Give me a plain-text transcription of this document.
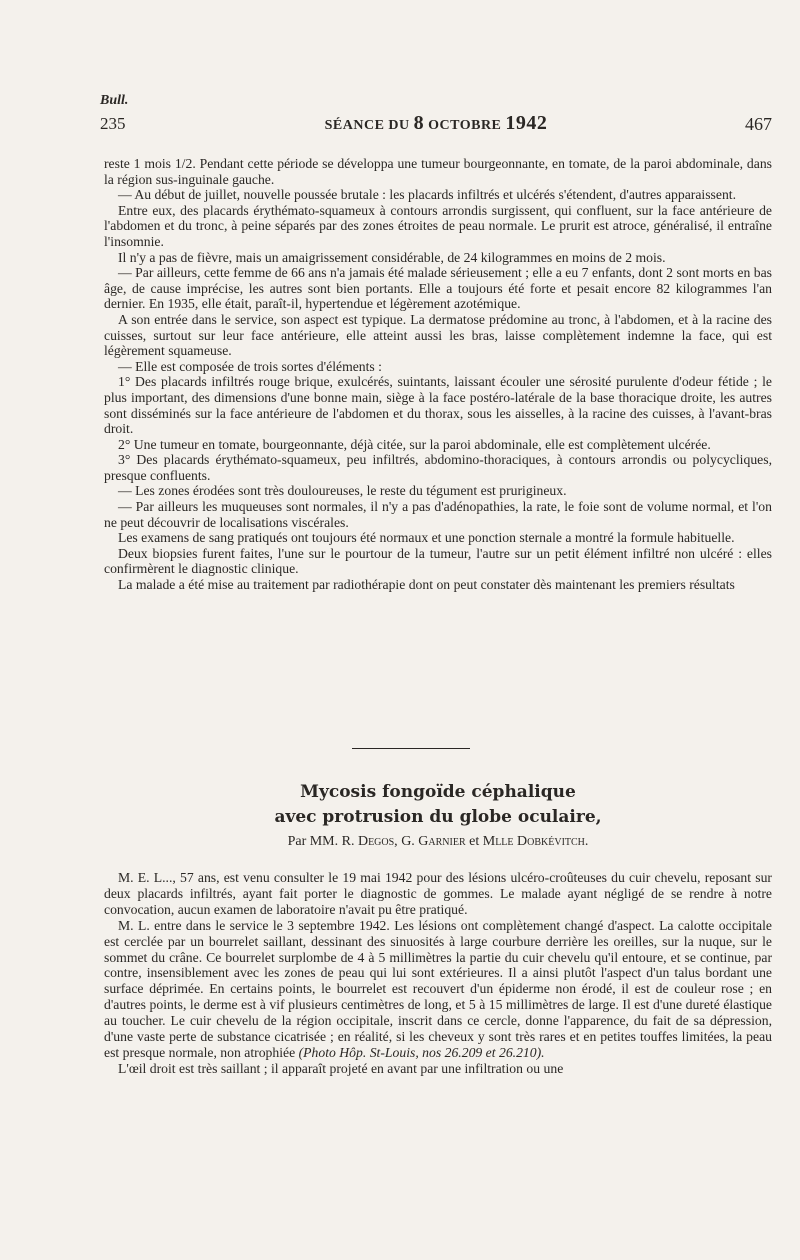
Bull.
235	SÉANCE DU 8 OCTOBRE 1942	467

reste 1 mois 1/2. Pendant cette période se développa une tumeur bourgeonnante, en tomate, de la paroi abdominale, dans la région sus-inguinale gauche.

— Au début de juillet, nouvelle poussée brutale : les placards infiltrés et ulcérés s'étendent, d'autres apparaissent.

Entre eux, des placards érythémato-squameux à contours arrondis surgissent, qui confluent, sur la face antérieure de l'abdomen et du tronc, à peine séparés par des zones étroites de peau normale. Le prurit est atroce, généralisé, il entraîne l'insomnie.

Il n'y a pas de fièvre, mais un amaigrissement considérable, de 24 kilogrammes en moins de 2 mois.

— Par ailleurs, cette femme de 66 ans n'a jamais été malade sérieusement ; elle a eu 7 enfants, dont 2 sont morts en bas âge, de cause imprécise, les autres sont bien portants. Elle a toujours été forte et pesait encore 82 kilogrammes l'an dernier. En 1935, elle était, paraît-il, hypertendue et légèrement azotémique.

A son entrée dans le service, son aspect est typique. La dermatose prédomine au tronc, à l'abdomen, et à la racine des cuisses, surtout sur leur face antérieure, elle atteint aussi les bras, laisse complètement indemne la face, qui est légèrement squameuse.

— Elle est composée de trois sortes d'éléments :

1° Des placards infiltrés rouge brique, exulcérés, suintants, laissant écouler une sérosité purulente d'odeur fétide ; le plus important, des dimensions d'une bonne main, siège à la face postéro-latérale de la base thoracique droite, les autres sont disséminés sur la face antérieure de l'abdomen et du thorax, sous les aisselles, à la racine des cuisses, à l'avant-bras droit.

2° Une tumeur en tomate, bourgeonnante, déjà citée, sur la paroi abdominale, elle est complètement ulcérée.

3° Des placards érythémato-squameux, peu infiltrés, abdomino-thoraciques, à contours arrondis ou polycycliques, presque confluents.

— Les zones érodées sont très douloureuses, le reste du tégument est prurigineux.

— Par ailleurs les muqueuses sont normales, il n'y a pas d'adénopathies, la rate, le foie sont de volume normal, et l'on ne peut découvrir de localisations viscérales.

Les examens de sang pratiqués ont toujours été normaux et une ponction sternale a montré la formule habituelle.

Deux biopsies furent faites, l'une sur le pourtour de la tumeur, l'autre sur un petit élément infiltré non ulcéré : elles confirmèrent le diagnostic clinique.

La malade a été mise au traitement par radiothérapie dont on peut constater dès maintenant les premiers résultats

Mycosis fongoïde céphalique
avec protrusion du globe oculaire,
Par MM. R. Degos, G. Garnier et Mlle Dobkévitch.

M. E. L..., 57 ans, est venu consulter le 19 mai 1942 pour des lésions ulcéro-croûteuses du cuir chevelu, reposant sur deux placards infiltrés, ayant fait porter le diagnostic de gommes. Le malade ayant négligé de se rendre à notre convocation, aucun examen de laboratoire n'avait pu être pratiqué.

M. L. entre dans le service le 3 septembre 1942. Les lésions ont complètement changé d'aspect. La calotte occipitale est cerclée par un bourrelet saillant, dessinant des sinuosités à large courbure derrière les oreilles, sur la nuque, sur le sommet du crâne. Ce bourrelet surplombe de 4 à 5 millimètres la partie du cuir chevelu qu'il entoure, et se continue, par contre, insensiblement avec les zones de peau qui lui sont extérieures. Il a ainsi plutôt l'aspect d'un talus bordant une surface déprimée. En certains points, le bourrelet est recouvert d'un épiderme non érodé, il est de couleur rose ; en d'autres points, le derme est à vif plusieurs centimètres de long, et 5 à 15 millimètres de large. Il est d'une dureté élastique au toucher. Le cuir chevelu de la région occipitale, inscrit dans ce cercle, donne l'apparence, du fait de sa dépression, d'une vaste perte de substance cicatrisée ; en réalité, si les cheveux y sont très rares et en petites touffes limitées, la peau est presque normale, non atrophiée (Photo Hôp. St-Louis, nos 26.209 et 26.210).

L'œil droit est très saillant ; il apparaît projeté en avant par une infiltration ou une
